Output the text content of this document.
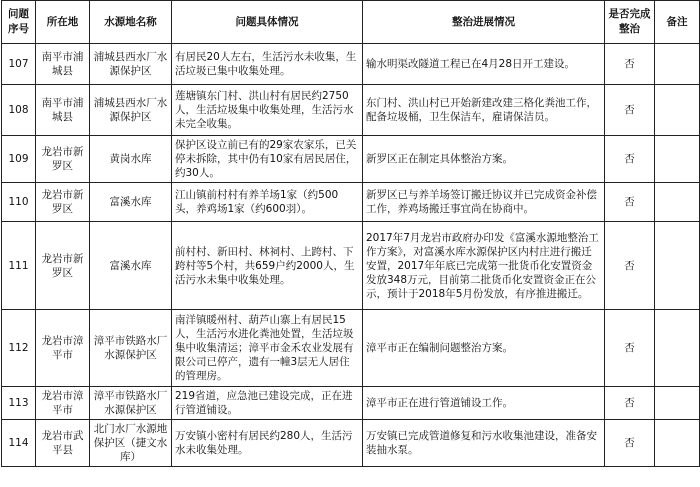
问题序号	所在地	水源地名称	问题具体情况	整治进展情况	是否完成整治	备注
107	南平市浦城县	浦城县西水厂水源保护区	有居民20人左右，生活污水未收集，生活垃圾已集中收集处理。	输水明渠改隧道工程已在4月28日开工建设。	否	
108	南平市浦城县	浦城县西水厂水源保护区	莲塘镇东门村、洪山村有居民约2750人，生活垃圾集中收集处理，生活污水未完全收集。	东门村、洪山村已开始新建改建三格化粪池工作，配备垃圾桶，卫生保洁车，雇请保洁员。	否	
109	龙岩市新罗区	黄岗水库	保护区设立前已有的29家农家乐，已关停未拆除，其中仍有10家有居民居住，约30人。	新罗区正在制定具体整治方案。	否	
110	龙岩市新罗区	富溪水库	江山镇前村村有养羊场1家（约500头，养鸡场1家（约600羽）。	新罗区已与养羊场签订搬迁协议并已完成资金补偿工作，养鸡场搬迁事宜尚在协商中。	否	
111	龙岩市新罗区	富溪水库	前村村、新田村、林祠村、上跨村、下跨村等5个村，共659户约2000人，生活污水未集中收集处理。	2017年7月龙岩市政府办印发《富溪水源地整治工作方案》，对富溪水库水源保护区内村庄进行搬迁安置，2017年年底已完成第一批货币化安置资金发放348万元，目前第二批货币化安置资金正在公示，预计于2018年5月份发放，有序推进搬迁。	否	
112	龙岩市漳平市	漳平市铁路水厂水源保护区	南洋镇暖州村、葫芦山寨上有居民15人，生活污水进化粪池处置，生活垃圾集中收集清运；漳平市金禾农业发展有限公司已停产，遗有一幢3层无人居住的管理房。	漳平市正在编制问题整治方案。	否	
113	龙岩市漳平市	漳平市铁路水厂水源保护区	219省道，应急池已建设完成，正在进行管道铺设。	漳平市正在进行管道铺设工作。	否	
114	龙岩市武平县	北门水厂水源地保护区（捷文水库）	万安镇小密村有居民约280人，生活污水未收集处理。	万安镇已完成管道修复和污水收集池建设，准备安装抽水泵。	否	
